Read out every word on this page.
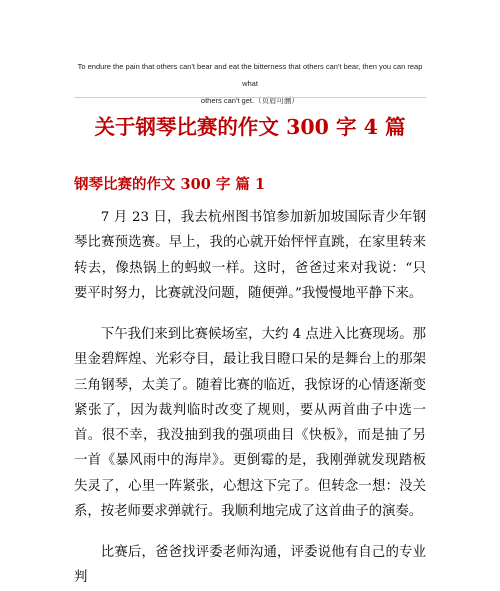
To endure the pain that others can't bear and eat the bitterness that others can't bear, then you can reap what
others can't get.（页眉可删）
关于钢琴比赛的作文 300 字 4 篇
钢琴比赛的作文 300 字 篇 1

7 月 23 日，我去杭州图书馆参加新加坡国际青少年钢琴比赛预选赛。早上，我的心就开始怦怦直跳，在家里转来转去，像热锅上的蚂蚁一样。这时，爸爸过来对我说：“只要平时努力，比赛就没问题，随便弹。”我慢慢地平静下来。

下午我们来到比赛候场室，大约 4 点进入比赛现场。那里金碧辉煌、光彩夺目，最让我目瞪口呆的是舞台上的那架三角钢琴，太美了。随着比赛的临近，我惊讶的心情逐渐变紧张了，因为裁判临时改变了规则，要从两首曲子中选一首。很不幸，我没抽到我的强项曲目《快板》，而是抽了另一首《暴风雨中的海岸》。更倒霉的是，我刚弹就发现踏板失灵了，心里一阵紧张，心想这下完了。但转念一想：没关系，按老师要求弹就行。我顺利地完成了这首曲子的演奏。

比赛后，爸爸找评委老师沟通，评委说他有自己的专业判
